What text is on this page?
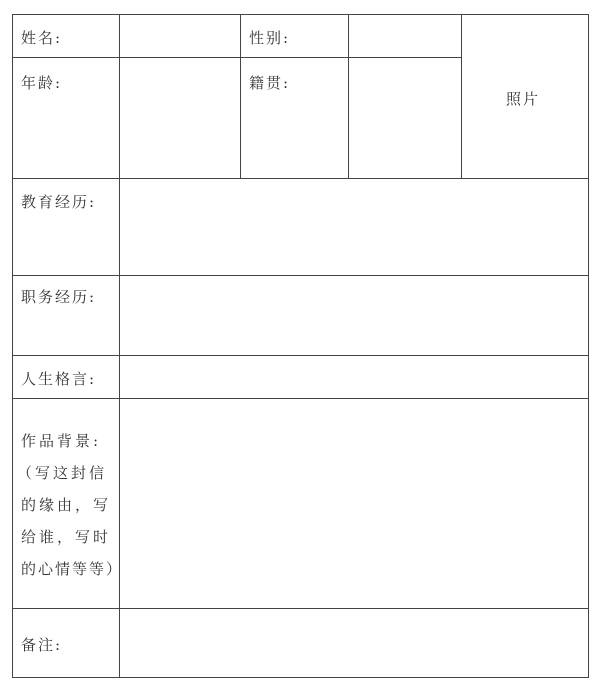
姓名:	性别:
照片
年龄:	籍贯:
教育经历:
职务经历:
人生格言:
作品背景:
（写这封信
的缘由，写
给谁，写时
的心情等等）
备注:
